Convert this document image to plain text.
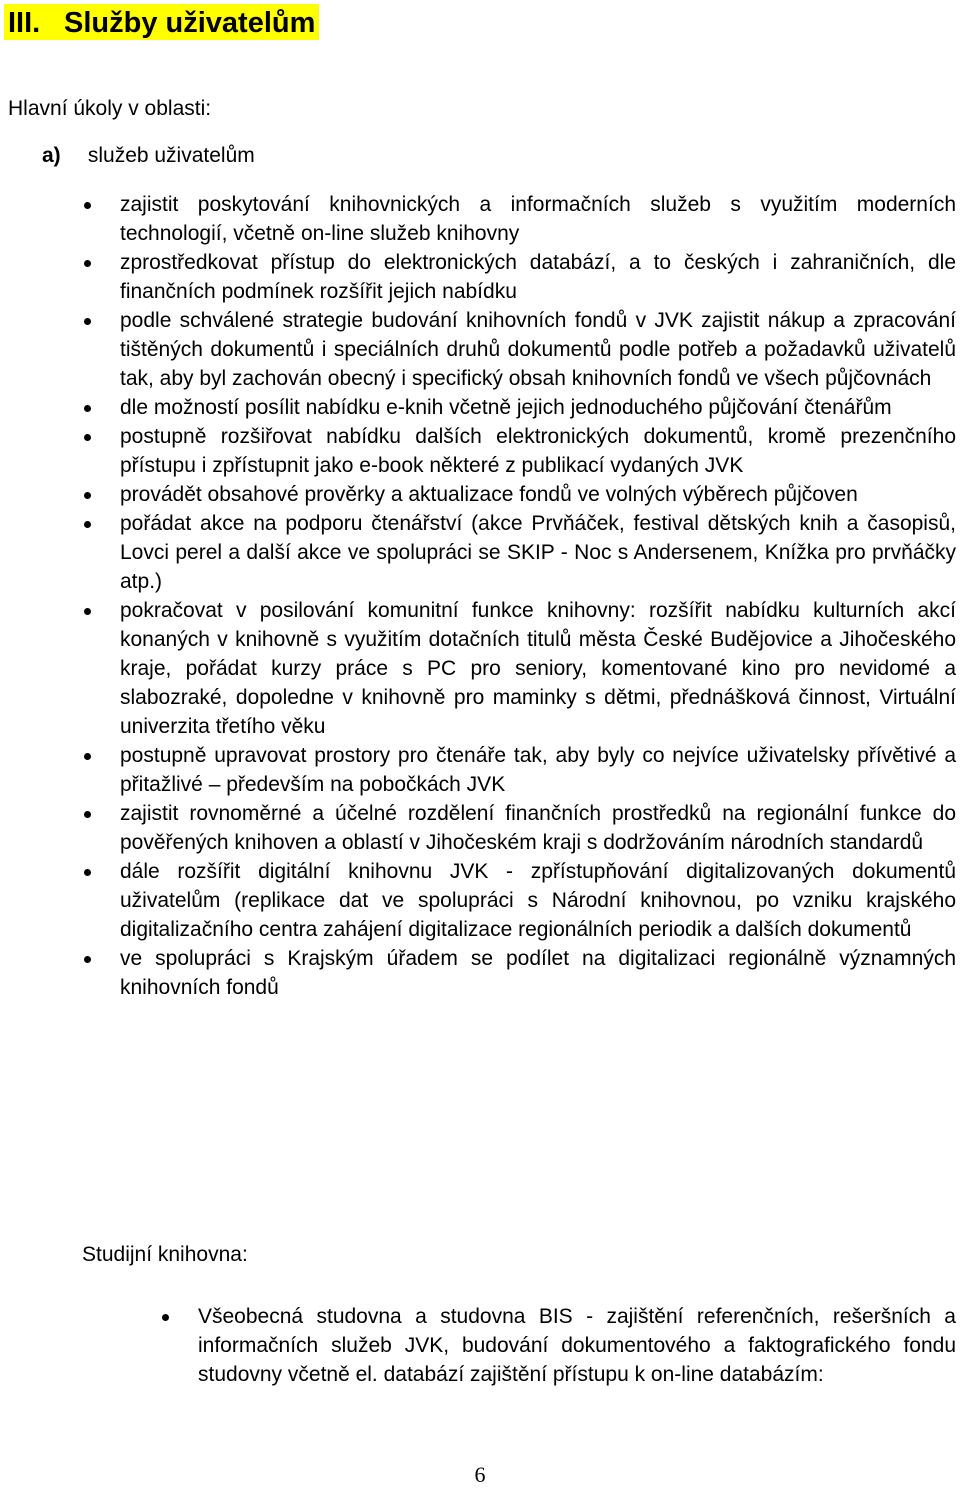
III. Služby uživatelům
Hlavní úkoly v oblasti:
a) služeb uživatelům
zajistit poskytování knihovnických a informačních služeb s využitím moderních technologií, včetně on-line služeb knihovny
zprostředkovat přístup do elektronických databází, a to českých i zahraničních, dle finančních podmínek rozšířit jejich nabídku
podle schválené strategie budování knihovních fondů v JVK zajistit nákup a zpracování tištěných dokumentů i speciálních druhů dokumentů podle potřeb a požadavků uživatelů tak, aby byl zachován obecný i specifický obsah knihovních fondů ve všech půjčovnách
dle možností posílit nabídku e-knih včetně jejich jednoduchého půjčování čtenářům
postupně rozšiřovat nabídku dalších elektronických dokumentů, kromě prezenčního přístupu i zpřístupnit jako e-book některé z publikací vydaných JVK
provádět obsahové prověrky a aktualizace fondů ve volných výběrech půjčoven
pořádat akce na podporu čtenářství (akce Prvňáček, festival dětských knih a časopisů, Lovci perel a další akce ve spolupráci se SKIP - Noc s Andersenem, Knížka pro prvňáčky atp.)
pokračovat v posilování komunitní funkce knihovny: rozšířit nabídku kulturních akcí konaných v knihovně s využitím dotačních titulů města České Budějovice a Jihočeského kraje, pořádat kurzy práce s PC pro seniory, komentované kino pro nevidomé a slabozraké, dopoledne v knihovně pro maminky s dětmi, přednášková činnost, Virtuální univerzita třetího věku
postupně upravovat prostory pro čtenáře tak, aby byly co nejvíce uživatelsky přívětivé a přitažlivé – především na pobočkách JVK
zajistit rovnoměrné a účelné rozdělení finančních prostředků na regionální funkce do pověřených knihoven a oblastí v Jihočeském kraji s dodržováním národních standardů
dále rozšířit digitální knihovnu JVK - zpřístupňování digitalizovaných dokumentů uživatelům (replikace dat ve spolupráci s Národní knihovnou, po vzniku krajského digitalizačního centra zahájení digitalizace regionálních periodik a dalších dokumentů
ve spolupráci s Krajským úřadem se podílet na digitalizaci regionálně významných knihovních fondů
Studijní knihovna:
Všeobecná studovna a studovna BIS - zajištění referenčních, rešeršních a informačních služeb JVK, budování dokumentového a faktografického fondu studovny včetně el. databází zajištění přístupu k on-line databázím:
6
